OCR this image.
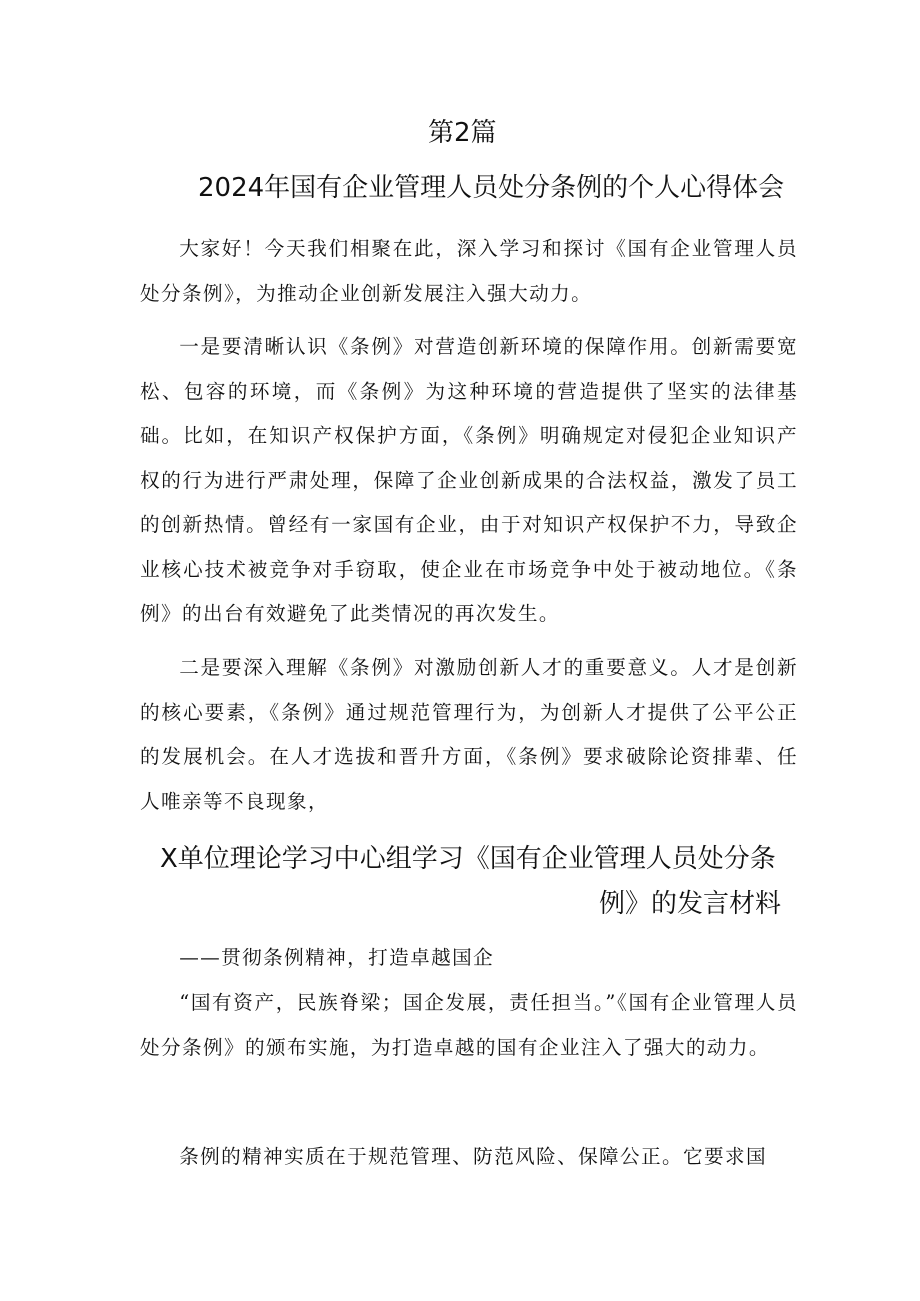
第2篇
2024年国有企业管理人员处分条例的个人心得体会

大家好！今天我们相聚在此，深入学习和探讨《国有企业管理人员处分条例》，为推动企业创新发展注入强大动力。

一是要清晰认识《条例》对营造创新环境的保障作用。创新需要宽松、包容的环境，而《条例》为这种环境的营造提供了坚实的法律基础。比如，在知识产权保护方面，《条例》明确规定对侵犯企业知识产权的行为进行严肃处理，保障了企业创新成果的合法权益，激发了员工的创新热情。曾经有一家国有企业，由于对知识产权保护不力，导致企业核心技术被竞争对手窃取，使企业在市场竞争中处于被动地位。《条例》的出台有效避免了此类情况的再次发生。

二是要深入理解《条例》对激励创新人才的重要意义。人才是创新的核心要素，《条例》通过规范管理行为，为创新人才提供了公平公正的发展机会。在人才选拔和晋升方面，《条例》要求破除论资排辈、任人唯亲等不良现象，

X单位理论学习中心组学习《国有企业管理人员处分条
例》的发言材料

——贯彻条例精神，打造卓越国企

“国有资产，民族脊梁；国企发展，责任担当。”《国有企业管理人员处分条例》的颁布实施，为打造卓越的国有企业注入了强大的动力。

条例的精神实质在于规范管理、防范风险、保障公正。它要求国
